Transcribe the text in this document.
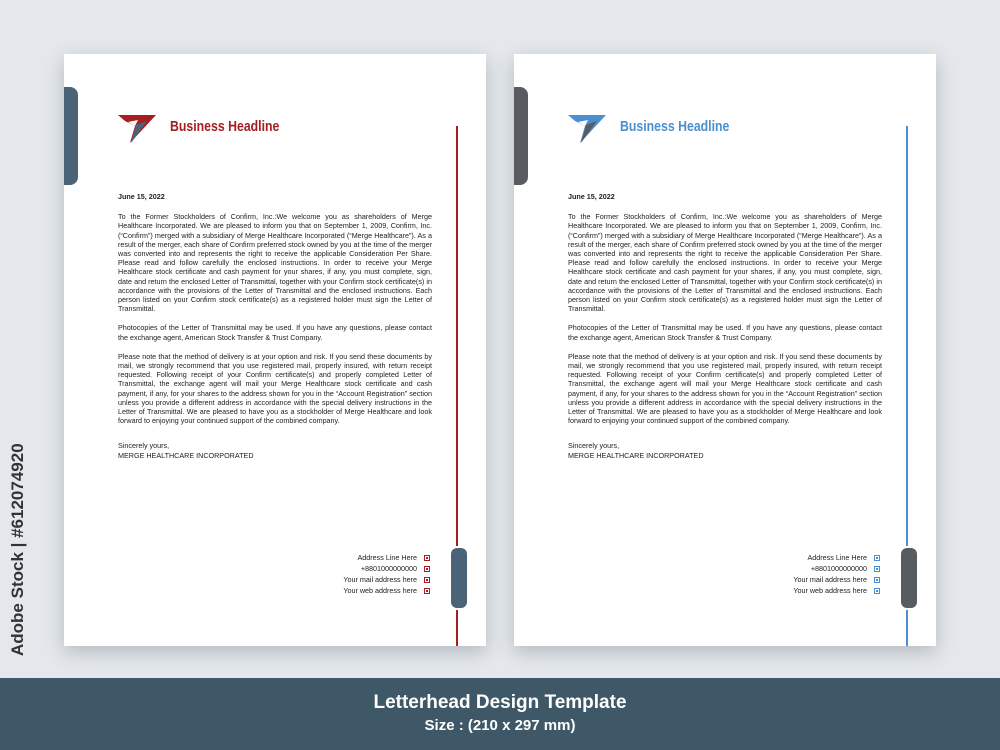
Business Headline
June 15, 2022
To the Former Stockholders of Confirm, Inc.:We welcome you as shareholders of Merge Healthcare Incorporated. We are pleased to inform you that on September 1, 2009, Confirm, Inc. (“Confirm”) merged with a subsidiary of Merge Healthcare Incorporated (“Merge Healthcare”). As a result of the merger, each share of Confirm preferred stock owned by you at the time of the merger was converted into and represents the right to receive the applicable Consideration Per Share. Please read and follow carefully the enclosed instructions. In order to receive your Merge Healthcare stock certificate and cash payment for your shares, if any, you must complete, sign, date and return the enclosed Letter of Transmittal, together with your Confirm stock certificate(s) in accordance with the provisions of the Letter of Transmittal and the enclosed instructions. Each person listed on your Confirm stock certificate(s) as a registered holder must sign the Letter of Transmittal.
Photocopies of the Letter of Transmittal may be used. If you have any questions, please contact the exchange agent, American Stock Transfer & Trust Company.
Please note that the method of delivery is at your option and risk. If you send these documents by mail, we strongly recommend that you use registered mail, properly insured, with return receipt requested. Following receipt of your Confirm certificate(s) and properly completed Letter of Transmittal, the exchange agent will mail your Merge Healthcare stock certificate and cash payment, if any, for your shares to the address shown for you in the “Account Registration” section unless you provide a different address in accordance with the special delivery instructions in the Letter of Transmittal. We are pleased to have you as a stockholder of Merge Healthcare and look forward to enjoying your continued support of the combined company.
Sincerely yours,
MERGE HEALTHCARE INCORPORATED
Address Line Here
+8801000000000
Your mail address here
Your web address here
Business Headline
June 15, 2022
To the Former Stockholders of Confirm, Inc.:We welcome you as shareholders of Merge Healthcare Incorporated. We are pleased to inform you that on September 1, 2009, Confirm, Inc. (“Confirm”) merged with a subsidiary of Merge Healthcare Incorporated (“Merge Healthcare”). As a result of the merger, each share of Confirm preferred stock owned by you at the time of the merger was converted into and represents the right to receive the applicable Consideration Per Share. Please read and follow carefully the enclosed instructions. In order to receive your Merge Healthcare stock certificate and cash payment for your shares, if any, you must complete, sign, date and return the enclosed Letter of Transmittal, together with your Confirm stock certificate(s) in accordance with the provisions of the Letter of Transmittal and the enclosed instructions. Each person listed on your Confirm stock certificate(s) as a registered holder must sign the Letter of Transmittal.
Photocopies of the Letter of Transmittal may be used. If you have any questions, please contact the exchange agent, American Stock Transfer & Trust Company.
Please note that the method of delivery is at your option and risk. If you send these documents by mail, we strongly recommend that you use registered mail, properly insured, with return receipt requested. Following receipt of your Confirm certificate(s) and properly completed Letter of Transmittal, the exchange agent will mail your Merge Healthcare stock certificate and cash payment, if any, for your shares to the address shown for you in the “Account Registration” section unless you provide a different address in accordance with the special delivery instructions in the Letter of Transmittal. We are pleased to have you as a stockholder of Merge Healthcare and look forward to enjoying your continued support of the combined company.
Sincerely yours,
MERGE HEALTHCARE INCORPORATED
Address Line Here
+8801000000000
Your mail address here
Your web address here
Adobe Stock | #612074920
Letterhead Design Template
Size : (210 x 297 mm)
